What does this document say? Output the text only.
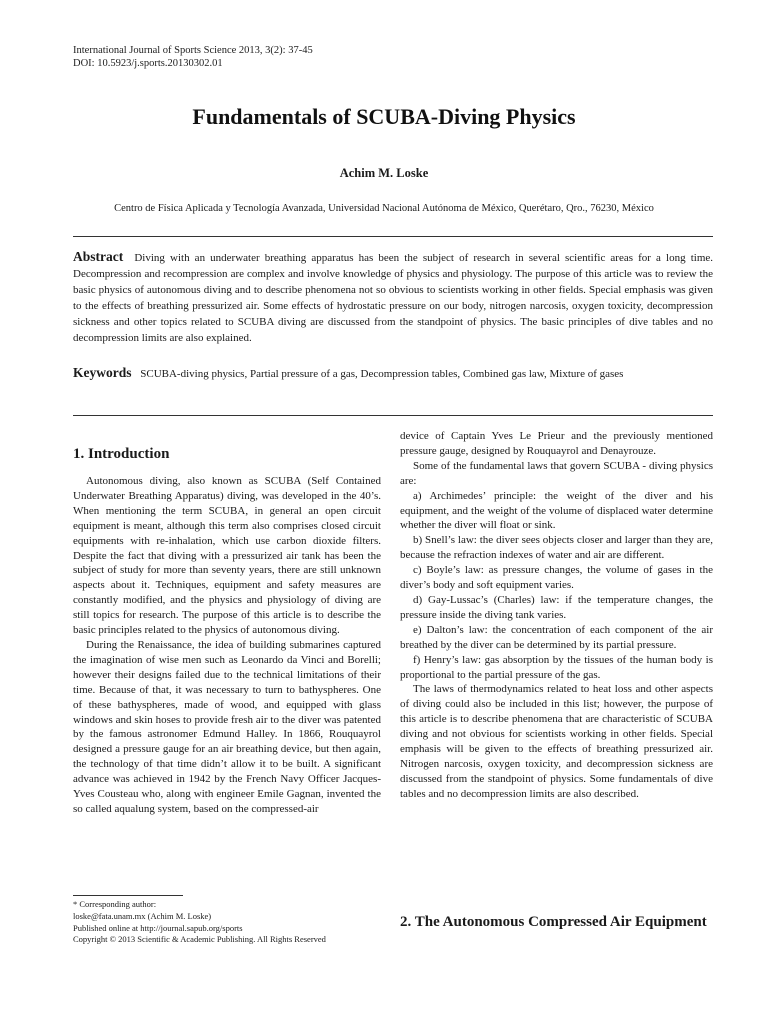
International Journal of Sports Science 2013, 3(2): 37-45
DOI: 10.5923/j.sports.20130302.01
Fundamentals of SCUBA-Diving Physics
Achim M. Loske
Centro de Física Aplicada y Tecnología Avanzada, Universidad Nacional Autónoma de México, Querétaro, Qro., 76230, México
Abstract Diving with an underwater breathing apparatus has been the subject of research in several scientific areas for a long time. Decompression and recompression are complex and involve knowledge of physics and physiology. The purpose of this article was to review the basic physics of autonomous diving and to describe phenomena not so obvious to scientists working in other fields. Special emphasis was given to the effects of breathing pressurized air. Some effects of hydrostatic pressure on our body, nitrogen narcosis, oxygen toxicity, decompression sickness and other topics related to SCUBA diving are discussed from the standpoint of physics. The basic principles of dive tables and no decompression limits are also explained.
Keywords SCUBA-diving physics, Partial pressure of a gas, Decompression tables, Combined gas law, Mixture of gases
1. Introduction

Autonomous diving, also known as SCUBA (Self Contained Underwater Breathing Apparatus) diving, was developed in the 40’s. When mentioning the term SCUBA, in general an open circuit equipment is meant, although this term also comprises closed circuit equipments with re-inhalation, which use carbon dioxide filters. Despite the fact that diving with a pressurized air tank has been the subject of study for more than seventy years, there are still unknown aspects about it. Techniques, equipment and safety measures are constantly modified, and the physics and physiology of diving are still topics for research. The purpose of this article is to describe the basic principles related to the physics of autonomous diving.

During the Renaissance, the idea of building submarines captured the imagination of wise men such as Leonardo da Vinci and Borelli; however their designs failed due to the technical limitations of their time. Because of that, it was necessary to turn to bathyspheres. One of these bathyspheres, made of wood, and equipped with glass windows and skin hoses to provide fresh air to the diver was patented by the famous astronomer Edmund Halley. In 1866, Rouquayrol designed a pressure gauge for an air breathing device, but then again, the technology of that time didn’t allow it to be built. A significant advance was achieved in 1942 by the French Navy Officer Jacques-Yves Cousteau who, along with engineer Emile Gagnan, invented the so called aqualung system, based on the compressed-air

device of Captain Yves Le Prieur and the previously mentioned pressure gauge, designed by Rouquayrol and Denayrouze.

Some of the fundamental laws that govern SCUBA - diving physics are:

a) Archimedes’ principle: the weight of the diver and his equipment, and the weight of the volume of displaced water determine whether the diver will float or sink.

b) Snell’s law: the diver sees objects closer and larger than they are, because the refraction indexes of water and air are different.

c) Boyle’s law: as pressure changes, the volume of gases in the diver’s body and soft equipment varies.

d) Gay-Lussac’s (Charles) law: if the temperature changes, the pressure inside the diving tank varies.

e) Dalton’s law: the concentration of each component of the air breathed by the diver can be determined by its partial pressure.

f) Henry’s law: gas absorption by the tissues of the human body is proportional to the partial pressure of the gas.

The laws of thermodynamics related to heat loss and other aspects of diving could also be included in this list; however, the purpose of this article is to describe phenomena that are characteristic of SCUBA diving and not obvious for scientists working in other fields. Special emphasis will be given to the effects of breathing pressurized air. Nitrogen narcosis, oxygen toxicity, and decompression sickness are discussed from the standpoint of physics. Some fundamentals of dive tables and no decompression limits are also described.

2. The Autonomous Compressed Air Equipment
* Corresponding author:
loske@fata.unam.mx (Achim M. Loske)
Published online at http://journal.sapub.org/sports
Copyright © 2013 Scientific & Academic Publishing. All Rights Reserved
